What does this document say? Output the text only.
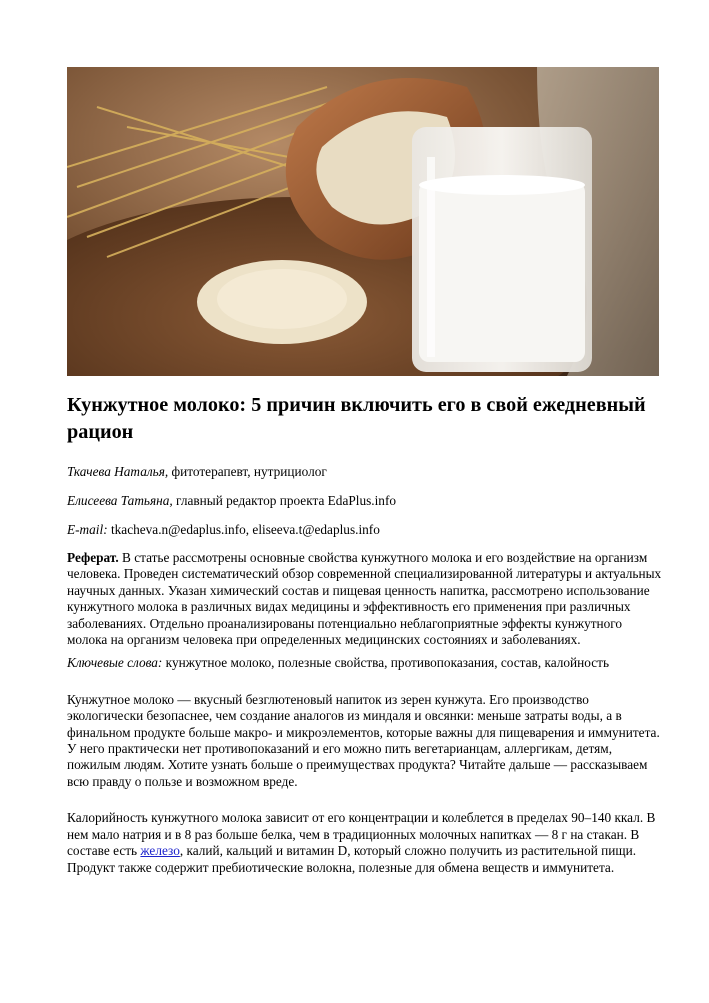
Кунжутное молоко: 5 причин включить его в свой ежедневный рацион
Ткачева Наталья, фитотерапевт, нутрициолог
Елисеева Татьяна, главный редактор проекта EdaPlus.info
E-mail: tkacheva.n@edaplus.info, eliseeva.t@edaplus.info

Реферат. В статье рассмотрены основные свойства кунжутного молока и его воздействие на организм человека. Проведен систематический обзор современной специализированной литературы и актуальных научных данных. Указан химический состав и пищевая ценность напитка, рассмотрено использование кунжутного молока в различных видах медицины и эффективность его применения при различных заболеваниях. Отдельно проанализированы потенциально неблагоприятные эффекты кунжутного молока на организм человека при определенных медицинских состояниях и заболеваниях.

Ключевые слова: кунжутное молоко, полезные свойства, противопоказания, состав, калойность

Кунжутное молоко — вкусный безглютеновый напиток из зерен кунжута. Его производство экологически безопаснее, чем создание аналогов из миндаля и овсянки: меньше затраты воды, а в финальном продукте больше макро- и микроэлементов, которые важны для пищеварения и иммунитета. У него практически нет противопоказаний и его можно пить вегетарианцам, аллергикам, детям, пожилым людям. Хотите узнать больше о преимуществах продукта? Читайте дальше — рассказываем всю правду о пользе и возможном вреде.

Калорийность кунжутного молока зависит от его концентрации и колеблется в пределах 90–140 ккал. В нем мало натрия и в 8 раз больше белка, чем в традиционных молочных напитках — 8 г на стакан. В составе есть железо, калий, кальций и витамин D, который сложно получить из растительной пищи. Продукт также содержит пребиотические волокна, полезные для обмена веществ и иммунитета.
